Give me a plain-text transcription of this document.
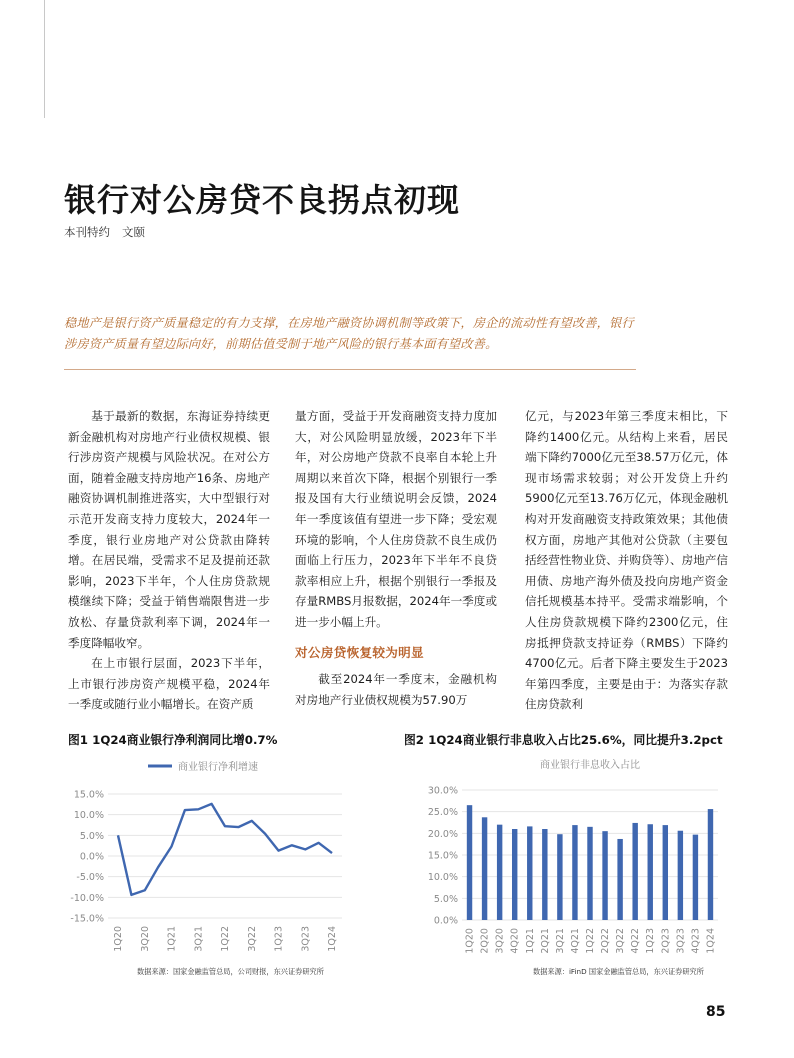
银行对公房贷不良拐点初现
本刊特约 文颐
稳地产是银行资产质量稳定的有力支撑，在房地产融资协调机制等政策下，房企的流动性有望改善，银行涉房资产质量有望边际向好，前期估值受制于地产风险的银行基本面有望改善。

基于最新的数据，东海证券持续更新金融机构对房地产行业债权规模、银行涉房资产规模与风险状况。在对公方面，随着金融支持房地产16条、房地产融资协调机制推进落实，大中型银行对示范开发商支持力度较大，2024年一季度，银行业房地产对公贷款由降转增。在居民端，受需求不足及提前还款影响，2023下半年，个人住房贷款规模继续下降；受益于销售端限售进一步放松、存量贷款利率下调，2024年一季度降幅收窄。

在上市银行层面，2023下半年，上市银行涉房资产规模平稳，2024年一季度或随行业小幅增长。在资产质

量方面，受益于开发商融资支持力度加大，对公风险明显放缓，2023年下半年，对公房地产贷款不良率自本轮上升周期以来首次下降，根据个别银行一季报及国有大行业绩说明会反馈，2024年一季度该值有望进一步下降；受宏观环境的影响，个人住房贷款不良生成仍面临上行压力，2023年下半年不良贷款率相应上升，根据个别银行一季报及存量RMBS月报数据，2024年一季度或进一步小幅上升。

对公房贷恢复较为明显

截至2024年一季度末，金融机构对房地产行业债权规模为57.90万

亿元，与2023年第三季度末相比，下降约1400亿元。从结构上来看，居民端下降约7000亿元至38.57万亿元，体现市场需求较弱；对公开发贷上升约5900亿元至13.76万亿元，体现金融机构对开发商融资支持政策效果；其他债权方面，房地产其他对公贷款（主要包括经营性物业贷、并购贷等）、房地产信用债、房地产海外债及投向房地产资金信托规模基本持平。受需求端影响，个人住房贷款规模下降约2300亿元，住房抵押贷款支持证券（RMBS）下降约4700亿元。后者下降主要发生于2023年第四季度，主要是由于：为落实存款住房贷款利

图1 1Q24商业银行净利润同比增0.7%
商业银行净利增速
15.0%
10.0%
5.0%
0.0%
-5.0%
-10.0%
-15.0%
1Q20 3Q20 1Q21 3Q21 1Q22 3Q22 1Q23 3Q23 1Q24
数据来源：国家金融监管总局，公司财报，东兴证券研究所
图2 1Q24商业银行非息收入占比25.6%，同比提升3.2pct
商业银行非息收入占比
30.0%
25.0%
20.0%
15.0%
10.0%
5.0%
0.0%
1Q20 2Q20 3Q20 4Q20 1Q21 2Q21 3Q21 4Q21 1Q22 2Q22 3Q22 4Q22 1Q23 2Q23 3Q23 4Q23 1Q24
数据来源：iFinD 国家金融监管总局，东兴证券研究所
85
